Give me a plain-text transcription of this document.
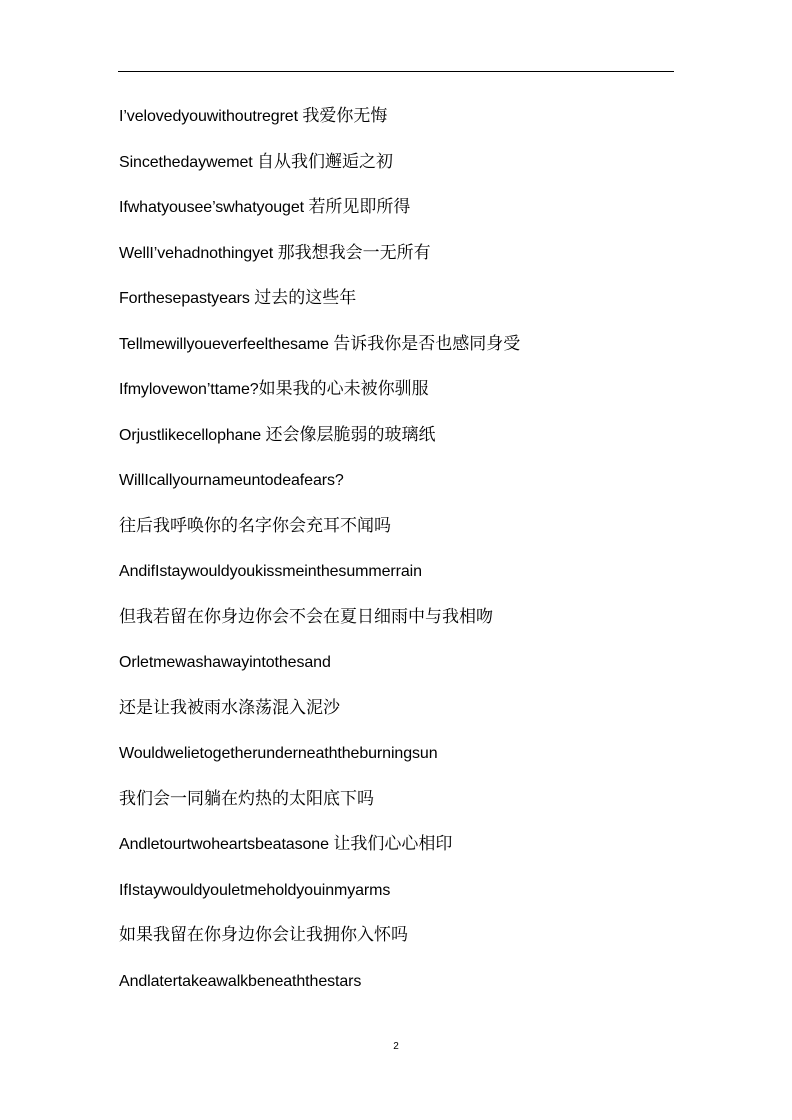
I’velovedyouwithoutregret 我爱你无悔
Sincethedaywemet 自从我们邂逅之初
Ifwhatyousee’swhatyouget 若所见即所得
WellI’vehadnothingyet 那我想我会一无所有
Forthesepastyears 过去的这些年
Tellmewillyoueverfeelthesame 告诉我你是否也感同身受
Ifmylovewon’ttame?如果我的心未被你驯服
Orjustlikecellophane 还会像层脆弱的玻璃纸
WillIcallyournameuntodeafears?
往后我呼唤你的名字你会充耳不闻吗
AndifIstaywouldyoukissmeinthesummerrain
但我若留在你身边你会不会在夏日细雨中与我相吻
Orletmewashawayintothesand
还是让我被雨水涤荡混入泥沙
Wouldwelietogetherunderneaththeburningsun
我们会一同躺在灼热的太阳底下吗
Andletourtwoheartsbeatasone 让我们心心相印
IfIstaywouldyouletmeholdyouinmyarms
如果我留在你身边你会让我拥你入怀吗
Andlatertakeawalkbeneaththestars
2
